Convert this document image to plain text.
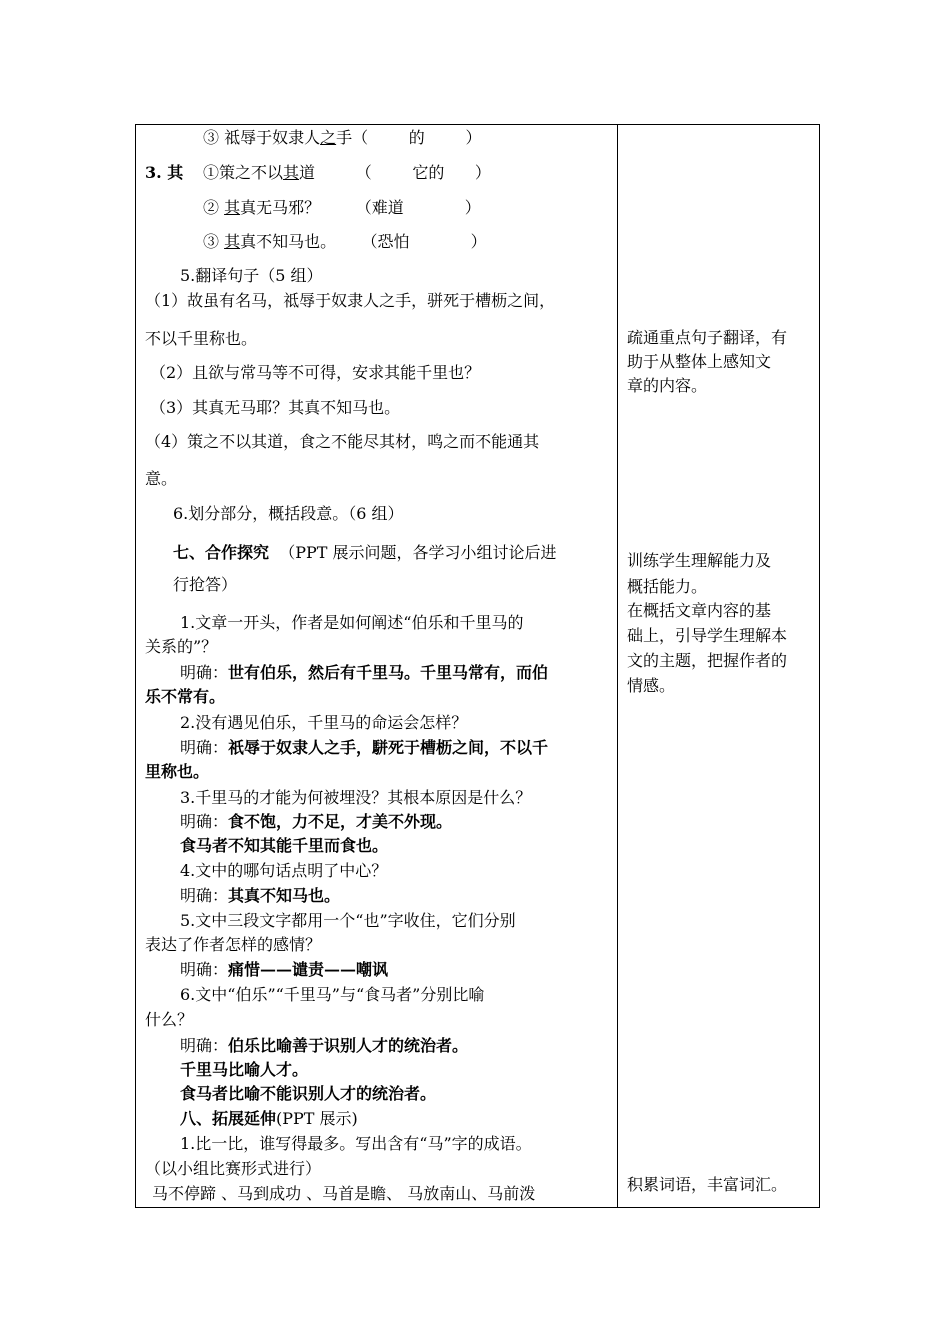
③ 祗辱于奴隶人之手（        的        ）
3. 其 ①策之不以其道        （        它的      ）
② 其真无马邪？       （难道            ）
③ 其真不知马也。     （恐怕            ）
5.翻译句子（5 组）
（1）故虽有名马，祗辱于奴隶人之手，骈死于槽枥之间，
不以千里称也。
（2）且欲与常马等不可得，安求其能千里也？
（3）其真无马耶？其真不知马也。
（4）策之不以其道，食之不能尽其材，鸣之而不能通其
意。
6.划分部分，概括段意。（6 组）
七、合作探究  （PPT 展示问题，各学习小组讨论后进
行抢答）
1.文章一开头，作者是如何阐述“伯乐和千里马的
关系的”？
明确：世有伯乐，然后有千里马。千里马常有，而伯
乐不常有。
2.没有遇见伯乐，千里马的命运会怎样？
明确：祇辱于奴隶人之手，駢死于槽枥之间，不以千
里称也。
3.千里马的才能为何被埋没？其根本原因是什么？
明确：食不饱，力不足，才美不外现。
食马者不知其能千里而食也。
4.文中的哪句话点明了中心？
明确：其真不知马也。
5.文中三段文字都用一个“也”字收住，它们分别
表达了作者怎样的感情？
明确：痛惜——谴责——嘲讽
6.文中“伯乐”“千里马”与“食马者”分别比喻
什么？
明确：伯乐比喻善于识别人才的统治者。
千里马比喻人才。
食马者比喻不能识别人才的统治者。
八、拓展延伸(PPT 展示)
1.比一比，谁写得最多。写出含有“马”字的成语。
（以小组比赛形式进行）
马不停蹄 、马到成功 、马首是瞻、 马放南山、马前泼
疏通重点句子翻译，有
助于从整体上感知文
章的内容。
训练学生理解能力及
概括能力。
在概括文章内容的基
础上，引导学生理解本
文的主题，把握作者的
情感。
积累词语，丰富词汇。
